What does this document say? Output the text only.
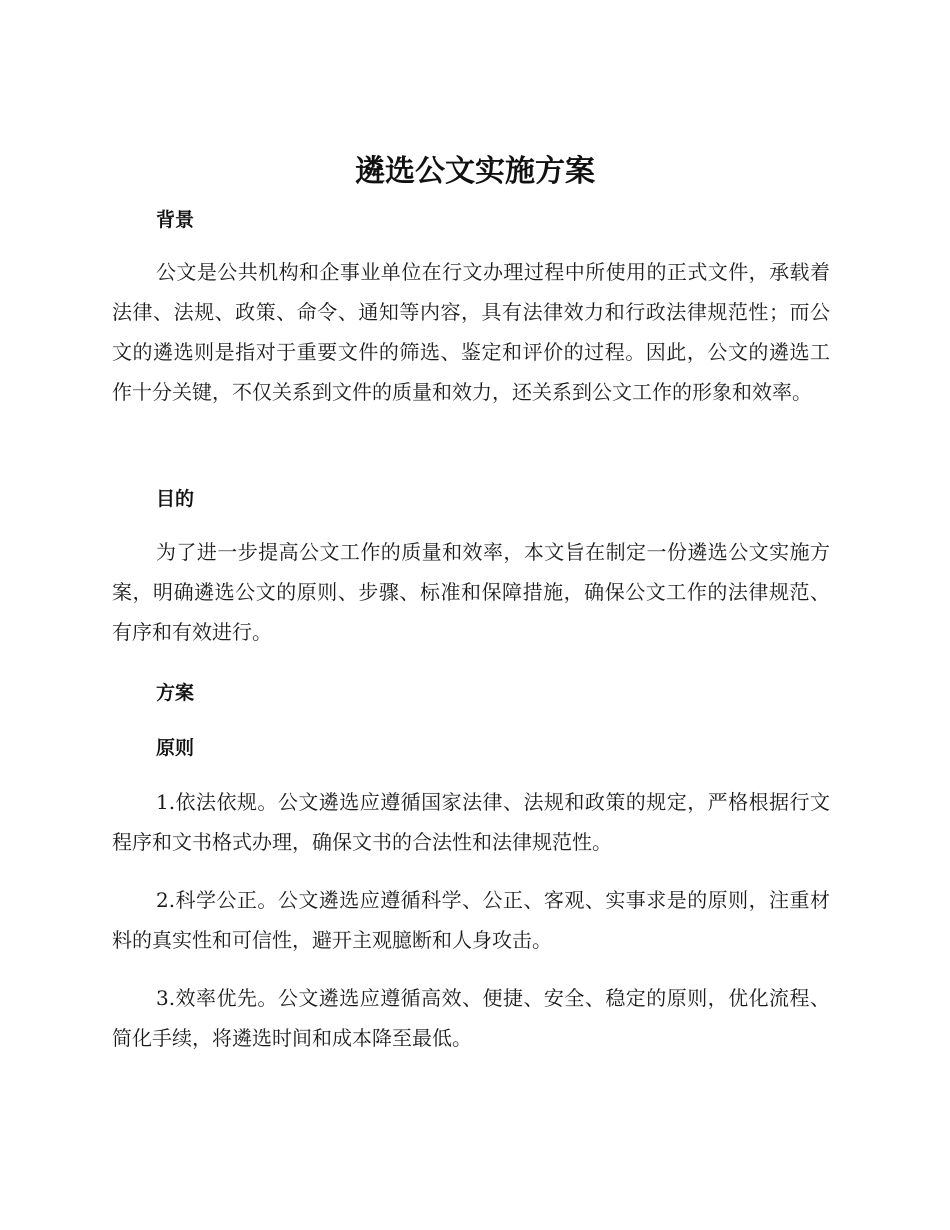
遴选公文实施方案
背景

公文是公共机构和企事业单位在行文办理过程中所使用的正式文件，承载着法律、法规、政策、命令、通知等内容，具有法律效力和行政法律规范性；而公文的遴选则是指对于重要文件的筛选、鉴定和评价的过程。因此，公文的遴选工作十分关键，不仅关系到文件的质量和效力，还关系到公文工作的形象和效率。

目的

为了进一步提高公文工作的质量和效率，本文旨在制定一份遴选公文实施方案，明确遴选公文的原则、步骤、标准和保障措施，确保公文工作的法律规范、有序和有效进行。

方案
原则

1.依法依规。公文遴选应遵循国家法律、法规和政策的规定，严格根据行文程序和文书格式办理，确保文书的合法性和法律规范性。

2.科学公正。公文遴选应遵循科学、公正、客观、实事求是的原则，注重材料的真实性和可信性，避开主观臆断和人身攻击。

3.效率优先。公文遴选应遵循高效、便捷、安全、稳定的原则，优化流程、简化手续，将遴选时间和成本降至最低。
